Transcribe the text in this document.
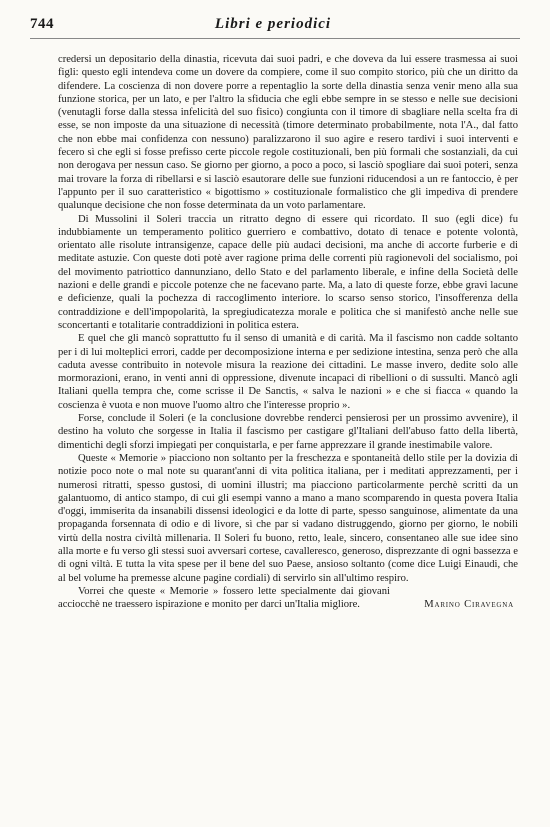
744	Libri e periodici

credersi un depositario della dinastia, ricevuta dai suoi padri, e che doveva da lui essere trasmessa ai suoi figli: questo egli intendeva come un dovere da compiere, come il suo compito storico, più che un diritto da difendere. La coscienza di non dovere porre a repentaglio la sorte della dinastia senza venir meno alla sua funzione storica, per un lato, e per l'altro la sfiducia che egli ebbe sempre in se stesso e nelle sue decisioni (venutagli forse dalla stessa infelicità del suo fisico) congiunta con il timore di sbagliare nella scelta fra di esse, se non imposte da una situazione di necessità (timore determinato probabilmente, nota l'A., dal fatto che non ebbe mai confidenza con nessuno) paralizzarono il suo agire e resero tardivi i suoi interventi e fecero sì che egli si fosse prefisso certe piccole regole costituzionali, ben più formali che sostanziali, da cui non derogava per nessun caso. Se giorno per giorno, a poco a poco, si lasciò spogliare dai suoi poteri, senza mai trovare la forza di ribellarsi e si lasciò esautorare delle sue funzioni riducendosi a un re fantoccio, è per l'appunto per il suo caratteristico « bigottismo » costituzionale formalistico che gli impediva di prendere qualunque decisione che non fosse determinata da un voto parlamentare.

Di Mussolini il Soleri traccia un ritratto degno di essere qui ricordato. Il suo (egli dice) fu indubbiamente un temperamento politico guerriero e combattivo, dotato di tenace e potente volontà, orientato alle risolute intransigenze, capace delle più audaci decisioni, ma anche di accorte furberie e di meditate astuzie. Con queste doti potè aver ragione prima delle correnti più ragionevoli del socialismo, poi del movimento patriottico dannunziano, dello Stato e del parlamento liberale, e infine della Società delle nazioni e delle grandi e piccole potenze che ne facevano parte. Ma, a lato di queste forze, ebbe gravi lacune e deficienze, quali la pochezza di raccoglimento interiore. lo scarso senso storico, l'insofferenza della contraddizione e dell'impopolarità, la spregiudicatezza morale e politica che si manifestò anche nelle sue sconcertanti e totalitarie contraddizioni in politica estera.

E quel che gli mancò soprattutto fu il senso di umanità e di carità. Ma il fascismo non cadde soltanto per i di lui molteplici errori, cadde per decomposizione interna e per sedizione intestina, senza però che alla caduta avesse contribuito in notevole misura la reazione dei cittadini. Le masse invero, dedite solo alle mormorazioni, erano, in venti anni di oppressione, divenute incapaci di ribellioni o di sussulti. Mancò agli Italiani quella tempra che, come scrisse il De Sanctis, « salva le nazioni » e che si fiacca « quando la coscienza è vuota e non muove l'uomo altro che l'interesse proprio ».

Forse, conclude il Soleri (e la conclusione dovrebbe renderci pensierosi per un prossimo avvenire), il destino ha voluto che sorgesse in Italia il fascismo per castigare gl'Italiani dell'abuso fatto della libertà, dimentichi degli sforzi impiegati per conquistarla, e per farne apprezzare il grande inestimabile valore.

Queste « Memorie » piacciono non soltanto per la freschezza e spontaneità dello stile per la dovizia di notizie poco note o mal note su quarant'anni di vita politica italiana, per i meditati apprezzamenti, per i numerosi ritratti, spesso gustosi, di uomini illustri; ma piacciono particolarmente perchè scritti da un galantuomo, di antico stampo, di cui gli esempi vanno a mano a mano scomparendo in questa povera Italia d'oggi, immiserita da insanabili dissensi ideologici e da lotte di parte, spesso sanguinose, alimentate da una propaganda forsennata di odio e di livore, sì che par si vadano distruggendo, giorno per giorno, le nobili virtù della nostra civiltà millenaria. Il Soleri fu buono, retto, leale, sincero, consentaneo alle sue idee sino alla morte e fu verso gli stessi suoi avversari cortese, cavalleresco, generoso, disprezzante di ogni bassezza e di ogni viltà. E tutta la vita spese per il bene del suo Paese, ansioso soltanto (come dice Luigi Einaudi, che al bel volume ha premesse alcune pagine cordiali) di servirlo sin all'ultimo respiro.

Vorrei che queste « Memorie » fossero lette specialmente dai giovani acciocchè ne traessero ispirazione e monito per darci un'Italia migliore.	Marino Ciravegna
